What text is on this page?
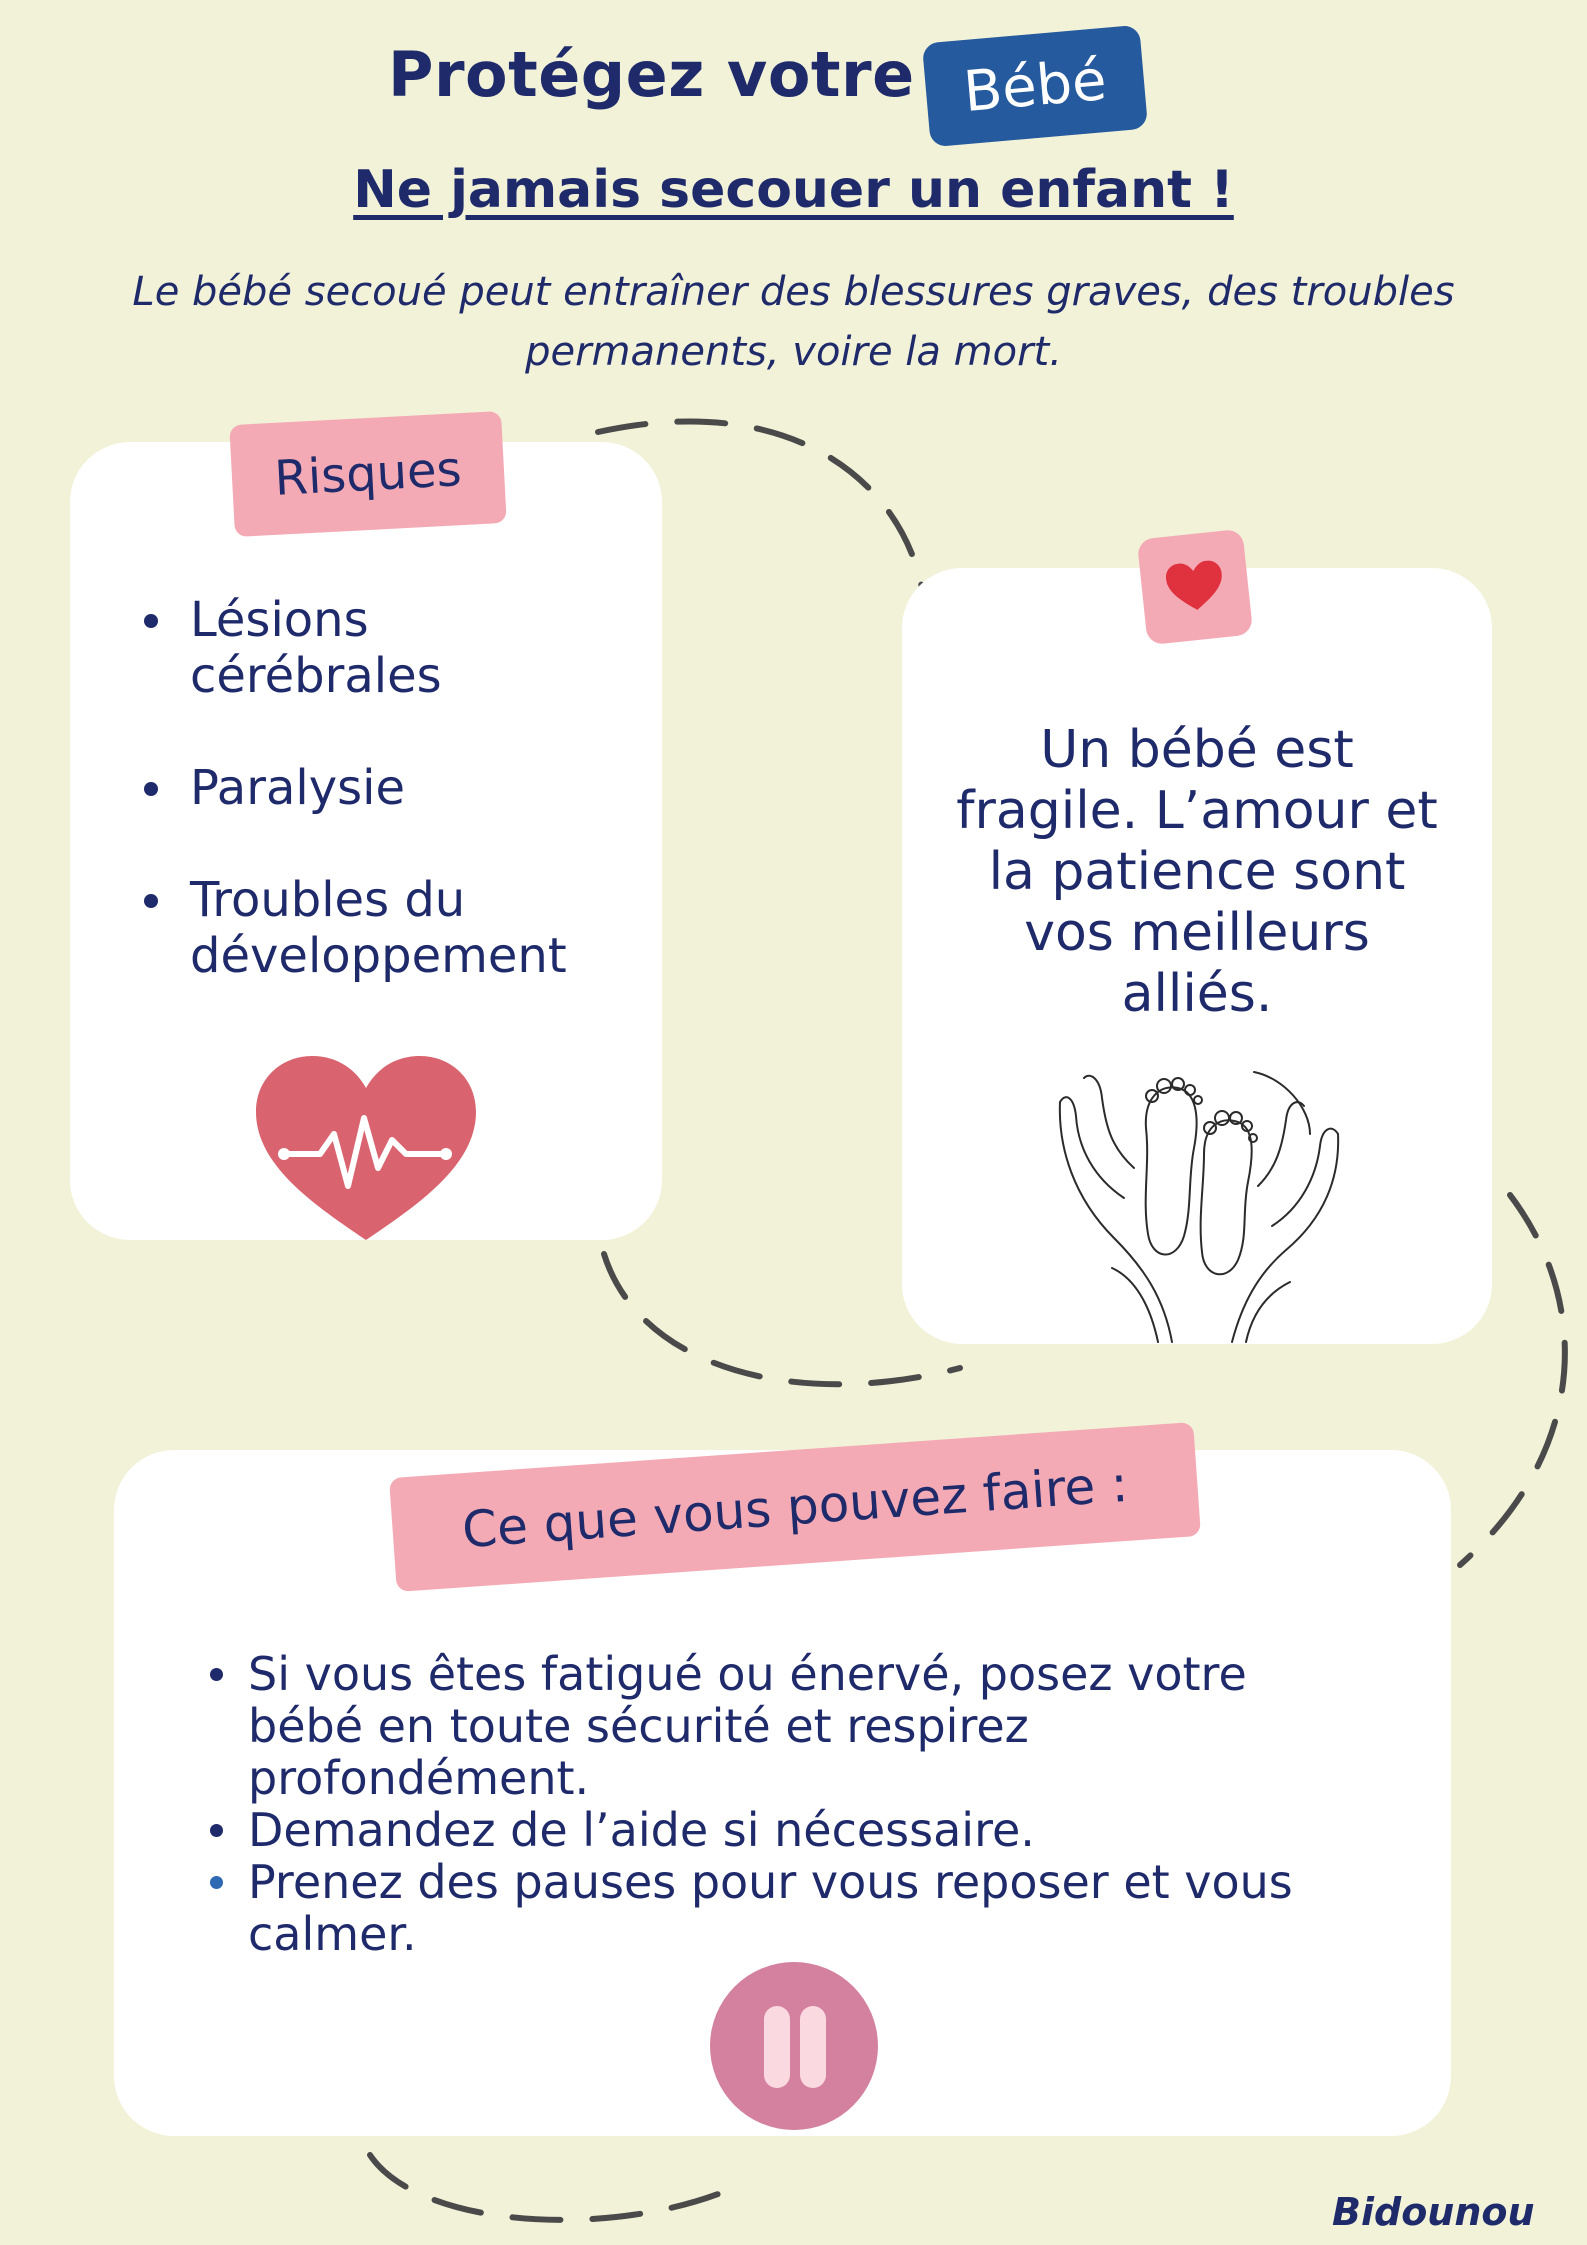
Protégez votre Bébé
Ne jamais secouer un enfant !
Le bébé secoué peut entraîner des blessures graves, des troubles
permanents, voire la mort.
Risques
Lésions
cérébrales
Paralysie
Troubles du
développement
Un bébé est
fragile. L’amour et
la patience sont
vos meilleurs
alliés.
Ce que vous pouvez faire :
Si vous êtes fatigué ou énervé, posez votre
bébé en toute sécurité et respirez
profondément.
Demandez de l’aide si nécessaire.
Prenez des pauses pour vous reposer et vous
calmer.
Bidounou
